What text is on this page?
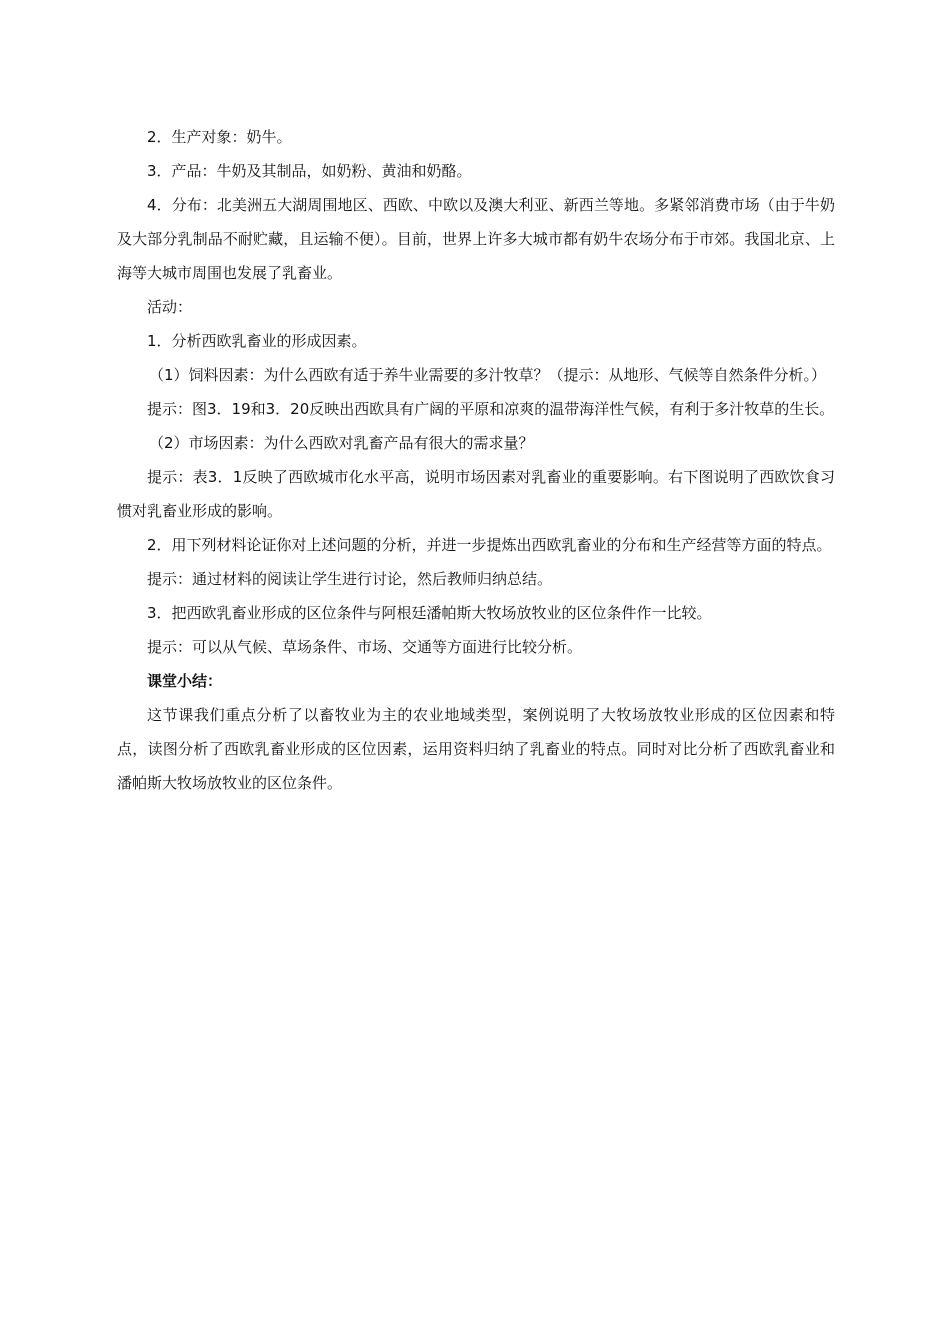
2．生产对象：奶牛。

3．产品：牛奶及其制品，如奶粉、黄油和奶酪。

4．分布：北美洲五大湖周围地区、西欧、中欧以及澳大利亚、新西兰等地。多紧邻消费市场（由于牛奶及大部分乳制品不耐贮藏，且运输不便）。目前，世界上许多大城市都有奶牛农场分布于市郊。我国北京、上海等大城市周围也发展了乳畜业。

活动：

1．分析西欧乳畜业的形成因素。

（1）饲料因素：为什么西欧有适于养牛业需要的多汁牧草？（提示：从地形、气候等自然条件分析。）

提示：图3．19和3．20反映出西欧具有广阔的平原和凉爽的温带海洋性气候，有利于多汁牧草的生长。

（2）市场因素：为什么西欧对乳畜产品有很大的需求量？

提示：表3．1反映了西欧城市化水平高，说明市场因素对乳畜业的重要影响。右下图说明了西欧饮食习惯对乳畜业形成的影响。

2．用下列材料论证你对上述问题的分析，并进一步提炼出西欧乳畜业的分布和生产经营等方面的特点。

提示：通过材料的阅读让学生进行讨论，然后教师归纳总结。

3．把西欧乳畜业形成的区位条件与阿根廷潘帕斯大牧场放牧业的区位条件作一比较。

提示：可以从气候、草场条件、市场、交通等方面进行比较分析。

课堂小结：

这节课我们重点分析了以畜牧业为主的农业地域类型，案例说明了大牧场放牧业形成的区位因素和特点，读图分析了西欧乳畜业形成的区位因素，运用资料归纳了乳畜业的特点。同时对比分析了西欧乳畜业和潘帕斯大牧场放牧业的区位条件。
